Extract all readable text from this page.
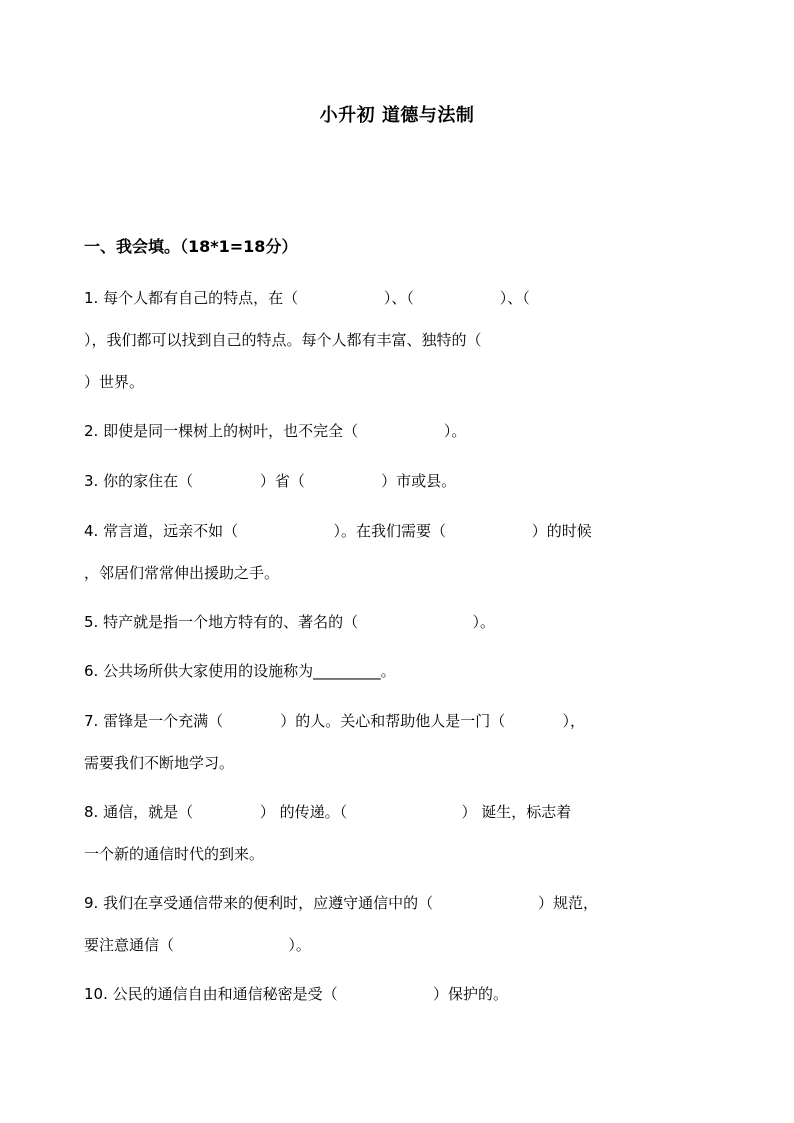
小升初 道德与法制
一、我会填。（18*1=18分）
1. 每个人都有自己的特点，在（                  ）、（                  ）、（
），我们都可以找到自己的特点。每个人都有丰富、独特的（
）世界。
2. 即使是同一棵树上的树叶，也不完全（                  ）。
3. 你的家住在（              ）省（                ）市或县。
4. 常言道，远亲不如（                    ）。在我们需要（                  ）的时候
，邻居们常常伸出援助之手。
5. 特产就是指一个地方特有的、著名的（                        ）。
6. 公共场所供大家使用的设施称为_________。
7. 雷锋是一个充满（            ）的人。关心和帮助他人是一门（            ），
需要我们不断地学习。
8. 通信，就是（              ） 的传递。（                        ） 诞生，标志着
一个新的通信时代的到来。
9. 我们在享受通信带来的便利时，应遵守通信中的（                      ）规范，
要注意通信（                        ）。
10. 公民的通信自由和通信秘密是受（                    ）保护的。
